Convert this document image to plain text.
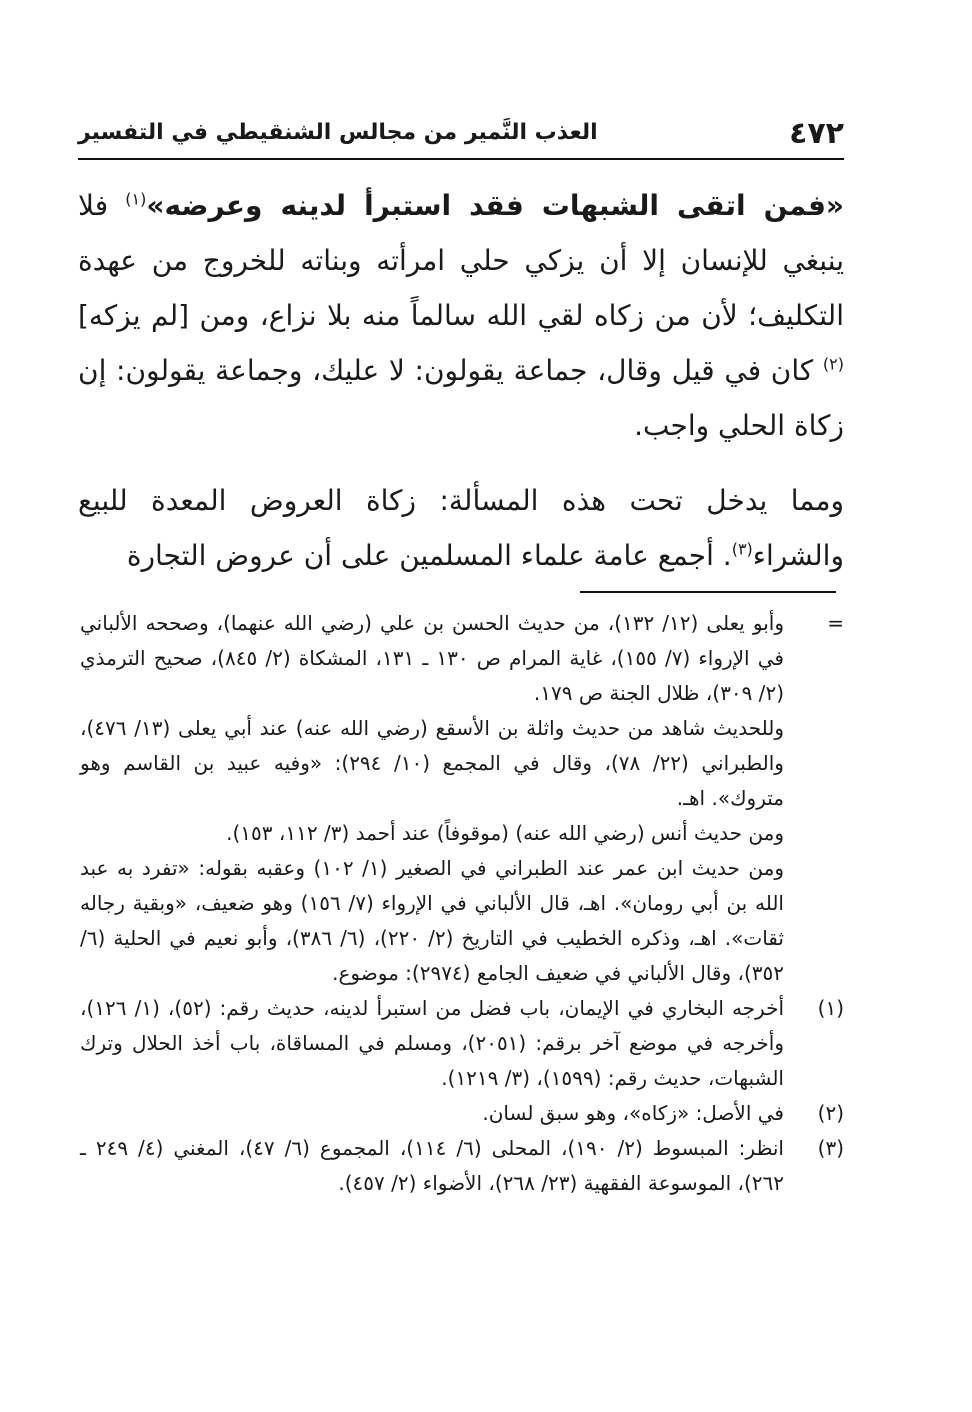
٤٧٢
العذب النَّمير من مجالس الشنقيطي في التفسير

«فمن اتقى الشبهات فقد استبرأ لدينه وعرضه»$^{(١)}$ فلا ينبغي للإنسان إلا أن يزكي حلي امرأته وبناته للخروج من عهدة التكليف؛ لأن من زكاه لقي الله سالماً منه بلا نزاع، ومن [لم يزكه]$^{(٢)}$ كان في قيل وقال، جماعة يقولون: لا عليك، وجماعة يقولون: إن زكاة الحلي واجب.

ومما يدخل تحت هذه المسألة: زكاة العروض المعدة للبيع والشراء$^{(٣)}$. أجمع عامة علماء المسلمين على أن عروض التجارة

=

وأبو يعلى (١٢/ ١٣٢)، من حديث الحسن بن علي (رضي الله عنهما)، وصححه الألباني في الإرواء (٧/ ١٥٥)، غاية المرام ص ١٣٠ ـ ١٣١، المشكاة (٢/ ٨٤٥)، صحيح الترمذي (٢/ ٣٠٩)، ظلال الجنة ص ١٧٩.

وللحديث شاهد من حديث واثلة بن الأسقع (رضي الله عنه) عند أبي يعلى (١٣/ ٤٧٦)، والطبراني (٢٢/ ٧٨)، وقال في المجمع (١٠/ ٢٩٤): «وفيه عبيد بن القاسم وهو متروك». اهـ.

ومن حديث أنس (رضي الله عنه) (موقوفاً) عند أحمد (٣/ ١١٢، ١٥٣).

ومن حديث ابن عمر عند الطبراني في الصغير (١/ ١٠٢) وعقبه بقوله: «تفرد به عبد الله بن أبي رومان». اهـ، قال الألباني في الإرواء (٧/ ١٥٦) وهو ضعيف، «وبقية رجاله ثقات». اهـ، وذكره الخطيب في التاريخ (٢/ ٢٢٠)، (٦/ ٣٨٦)، وأبو نعيم في الحلية (٦/ ٣٥٢)، وقال الألباني في ضعيف الجامع (٢٩٧٤): موضوع.

(١)

أخرجه البخاري في الإيمان، باب فضل من استبرأ لدينه، حديث رقم: (٥٢)، (١/ ١٢٦)، وأخرجه في موضع آخر برقم: (٢٠٥١)، ومسلم في المساقاة، باب أخذ الحلال وترك الشبهات، حديث رقم: (١٥٩٩)، (٣/ ١٢١٩).

(٢)

في الأصل: «زكاه»، وهو سبق لسان.

(٣)

انظر: المبسوط (٢/ ١٩٠)، المحلى (٦/ ١١٤)، المجموع (٦/ ٤٧)، المغني (٤/ ٢٤٩ ـ ٢٦٢)، الموسوعة الفقهية (٢٣/ ٢٦٨)، الأضواء (٢/ ٤٥٧).
